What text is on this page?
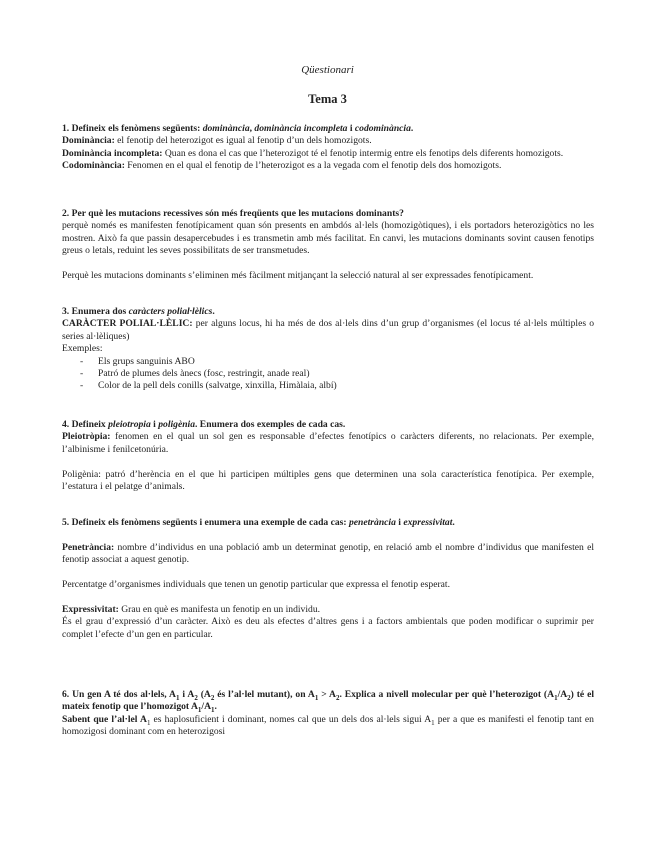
Qüestionari
Tema 3

1. Defineix els fenòmens següents: dominància, dominància incompleta i codominància.

Dominància: el fenotip del heterozigot es igual al fenotip d’un dels homozigots.

Dominància incompleta: Quan es dona el cas que l’heterozigot té el fenotip intermig entre els fenotips dels diferents homozigots.

Codominància: Fenomen en el qual el fenotip de l’heterozigot es a la vegada com el fenotip dels dos homozigots.

2. Per què les mutacions recessives són més freqüents que les mutacions dominants?

perquè només es manifesten fenotípicament quan són presents en ambdós al·lels (homozigòtiques), i els portadors heterozigòtics no les mostren. Això fa que passin desapercebudes i es transmetin amb més facilitat. En canvi, les mutacions dominants sovint causen fenotips greus o letals, reduint les seves possibilitats de ser transmetudes.

Perquè les mutacions dominants s’eliminen més fàcilment mitjançant la selecció natural al ser expressades fenotípicament.

3. Enumera dos caràcters polial·lèlics.

CARÀCTER POLIAL·LÈLIC: per alguns locus, hi ha més de dos al·lels dins d’un grup d’organismes (el locus té al·lels múltiples o series al·lèliques)

Exemples:

- Els grups sanguinis ABO
- Patró de plumes dels ànecs (fosc, restringit, anade real)
- Color de la pell dels conills (salvatge, xinxilla, Himàlaia, albí)

4. Defineix pleiotropia i poligènia. Enumera dos exemples de cada cas.

Pleiotròpia: fenomen en el qual un sol gen es responsable d’efectes fenotípics o caràcters diferents, no relacionats. Per exemple, l’albinisme i fenilcetonúria.

Poligènia: patró d’herència en el que hi participen múltiples gens que determinen una sola característica fenotípica. Per exemple, l’estatura i el pelatge d’animals.

5. Defineix els fenòmens següents i enumera una exemple de cada cas: penetrància i expressivitat.

Penetrància: nombre d’individus en una població amb un determinat genotip, en relació amb el nombre d’individus que manifesten el fenotip associat a aquest genotip.

Percentatge d’organismes individuals que tenen un genotip particular que expressa el fenotip esperat.

Expressivitat: Grau en què es manifesta un fenotip en un individu.

És el grau d’expressió d’un caràcter. Això es deu als efectes d’altres gens i a factors ambientals que poden modificar o suprimir per complet l’efecte d’un gen en particular.

6. Un gen A té dos al·lels, $A_1$ i $A_2$ ($A_2$ és l’al·lel mutant), on $A_1 > A_2$. Explica a nivell molecular per què l’heterozigot $(A_1/A_2)$ té el mateix fenotip que l’homozigot $A_1/A_1$.

Sabent que l’al·lel $A_1$ es haplosuficient i dominant, nomes cal que un dels dos al·lels sigui $A_1$ per a que es manifesti el fenotip tant en homozigosi dominant com en heterozigosi
